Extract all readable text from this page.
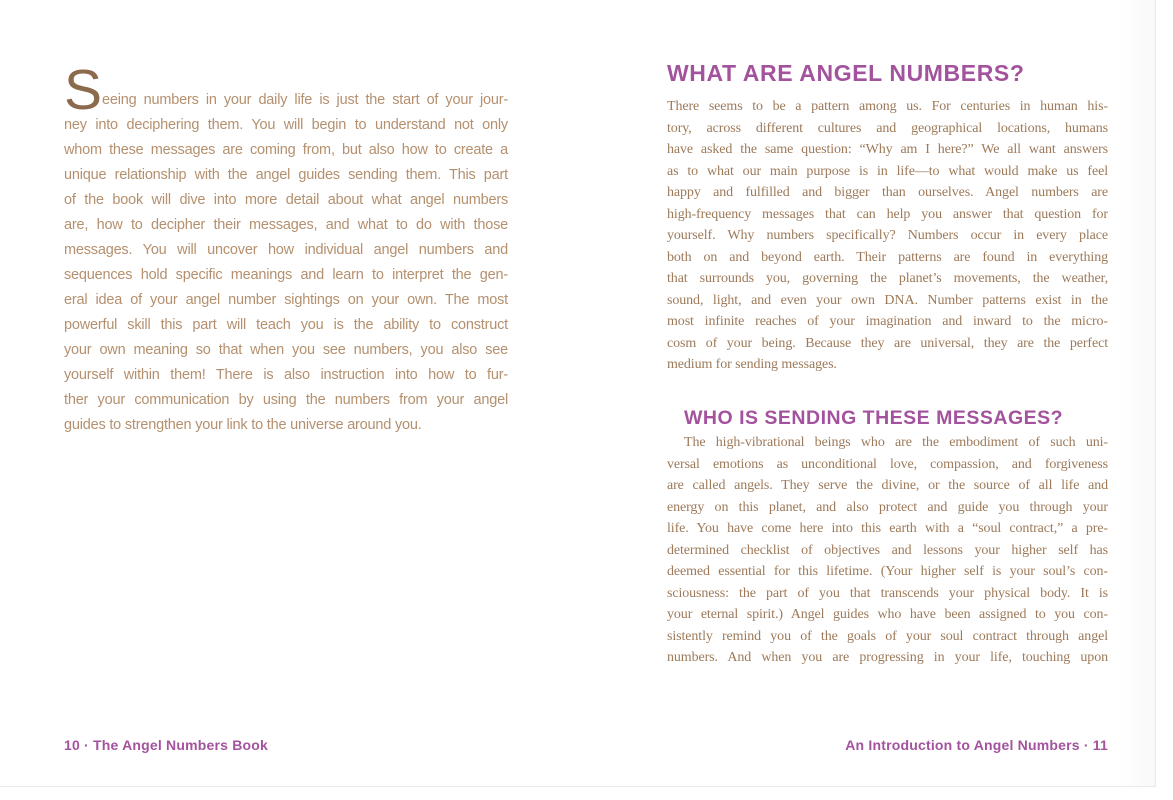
S eeing numbers in your daily life is just the start of your jour-
ney into deciphering them. You will begin to understand not only
whom these messages are coming from, but also how to create a
unique relationship with the angel guides sending them. This part
of the book will dive into more detail about what angel numbers
are, how to decipher their messages, and what to do with those
messages. You will uncover how individual angel numbers and
sequences hold specific meanings and learn to interpret the gen-
eral idea of your angel number sightings on your own. The most
powerful skill this part will teach you is the ability to construct
your own meaning so that when you see numbers, you also see
yourself within them! There is also instruction into how to fur-
ther your communication by using the numbers from your angel
guides to strengthen your link to the universe around you.
10 · The Angel Numbers Book
WHAT ARE ANGEL NUMBERS?
There seems to be a pattern among us. For centuries in human his-
tory, across different cultures and geographical locations, humans
have asked the same question: “Why am I here?” We all want answers
as to what our main purpose is in life—to what would make us feel
happy and fulfilled and bigger than ourselves. Angel numbers are
high-frequency messages that can help you answer that question for
yourself. Why numbers specifically? Numbers occur in every place
both on and beyond earth. Their patterns are found in everything
that surrounds you, governing the planet’s movements, the weather,
sound, light, and even your own DNA. Number patterns exist in the
most infinite reaches of your imagination and inward to the micro-
cosm of your being. Because they are universal, they are the perfect
medium for sending messages.
WHO IS SENDING THESE MESSAGES?
The high-vibrational beings who are the embodiment of such uni-
versal emotions as unconditional love, compassion, and forgiveness
are called angels. They serve the divine, or the source of all life and
energy on this planet, and also protect and guide you through your
life. You have come here into this earth with a “soul contract,” a pre-
determined checklist of objectives and lessons your higher self has
deemed essential for this lifetime. (Your higher self is your soul’s con-
sciousness: the part of you that transcends your physical body. It is
your eternal spirit.) Angel guides who have been assigned to you con-
sistently remind you of the goals of your soul contract through angel
numbers. And when you are progressing in your life, touching upon
An Introduction to Angel Numbers · 11
